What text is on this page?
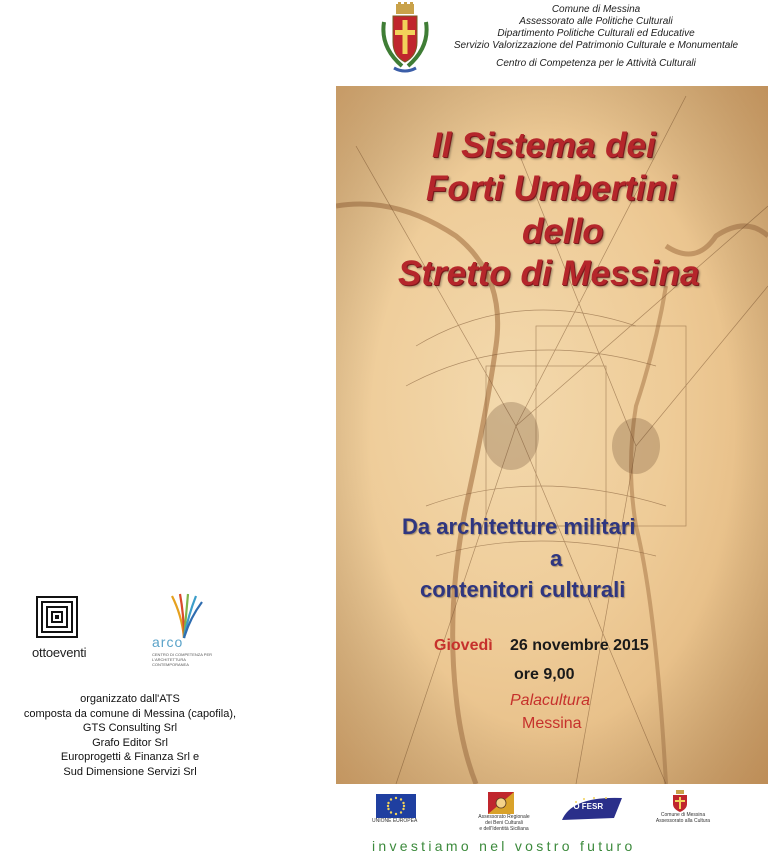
Comune di Messina
Assessorato alle Politiche Culturali
Dipartimento Politiche Culturali ed Educative
Servizio Valorizzazione del Patrimonio Culturale e Monumentale
Centro di Competenza per le Attività Culturali
Il Sistema dei
Forti Umbertini
dello
Stretto di Messina
Da architetture militari
a
contenitori culturali
Giovedì 26 novembre 2015
ore 9,00
Palacultura
Messina
ottoeventi
arco
CENTRO DI COMPETENZA PER L'ARCHITETTURA CONTEMPORANEA
organizzato dall'ATS
composta da comune di Messina (capofila),
GTS Consulting Srl
Grafo Editor Srl
Europrogetti & Finanza Srl e
Sud Dimensione Servizi Srl
UNIONE EUROPEA
Assessorato Regionale
dei Beni Culturali
e dell'Identità Siciliana
PO FESR
Comune di Messina
Assessorato alla Cultura
investiamo nel vostro futuro
